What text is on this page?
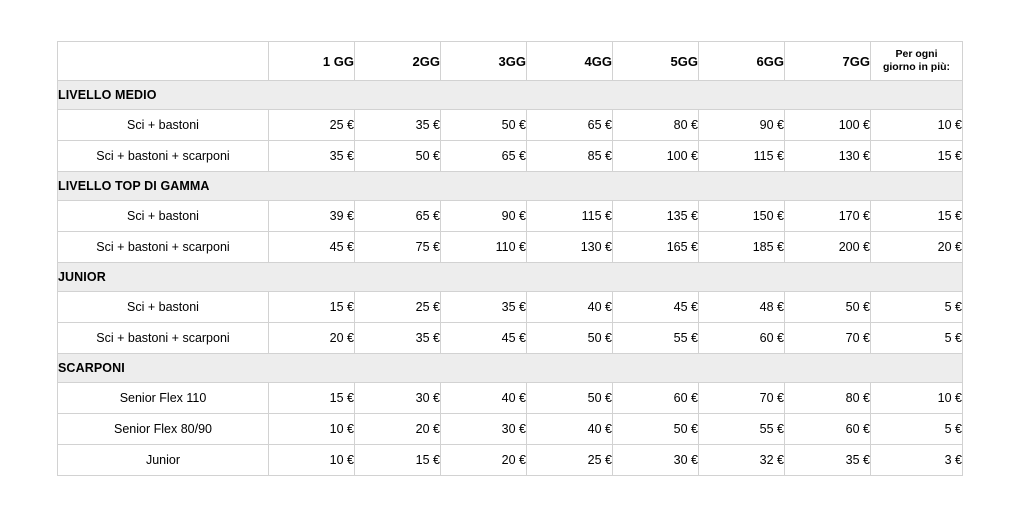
	1 GG	2GG	3GG	4GG	5GG	6GG	7GG	Per ogni
giorno in più:

LIVELLO MEDIO								
Sci + bastoni	25 €	35 €	50 €	65 €	80 €	90 €	100 €	10 €
Sci + bastoni + scarponi	35 €	50 €	65 €	85 €	100 €	115 €	130 €	15 €
LIVELLO TOP DI GAMMA								
Sci + bastoni	39 €	65 €	90 €	115 €	135 €	150 €	170 €	15 €
Sci + bastoni + scarponi	45 €	75 €	110 €	130 €	165 €	185 €	200 €	20 €
JUNIOR								
Sci + bastoni	15 €	25 €	35 €	40 €	45 €	48 €	50 €	5 €
Sci + bastoni + scarponi	20 €	35 €	45 €	50 €	55 €	60 €	70 €	5 €
SCARPONI								
Senior Flex 110	15 €	30 €	40 €	50 €	60 €	70 €	80 €	10 €
Senior Flex 80/90	10 €	20 €	30 €	40 €	50 €	55 €	60 €	5 €
Junior	10 €	15 €	20 €	25 €	30 €	32 €	35 €	3 €
